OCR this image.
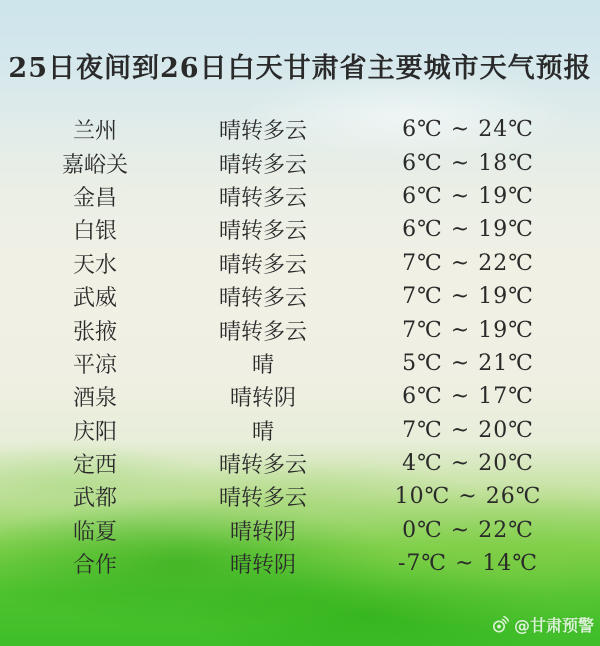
25日夜间到26日白天甘肃省主要城市天气预报
兰州	晴转多云	6℃ ~ 24℃
嘉峪关	晴转多云	6℃ ~ 18℃
金昌	晴转多云	6℃ ~ 19℃
白银	晴转多云	6℃ ~ 19℃
天水	晴转多云	7℃ ~ 22℃
武威	晴转多云	7℃ ~ 19℃
张掖	晴转多云	7℃ ~ 19℃
平凉	晴	5℃ ~ 21℃
酒泉	晴转阴	6℃ ~ 17℃
庆阳	晴	7℃ ~ 20℃
定西	晴转多云	4℃ ~ 20℃
武都	晴转多云	10℃ ~ 26℃
临夏	晴转阴	0℃ ~ 22℃
合作	晴转阴	-7℃ ~ 14℃
@甘肃预警
